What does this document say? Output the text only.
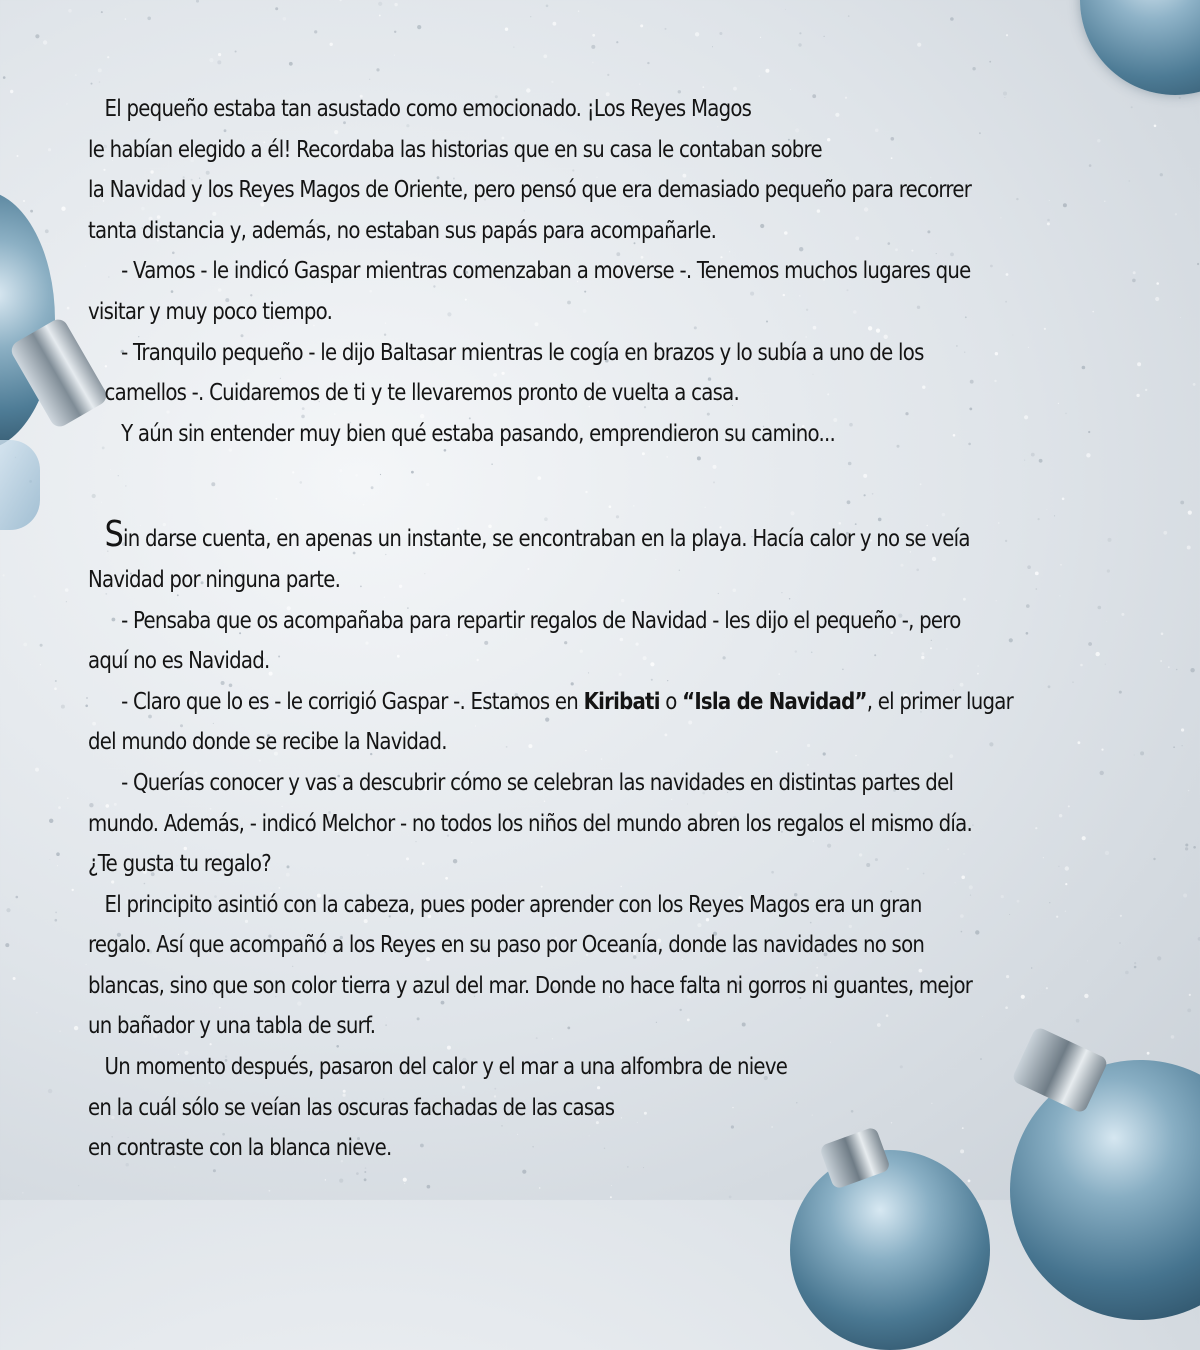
El pequeño estaba tan asustado como emocionado. ¡Los Reyes Magos
le habían elegido a él! Recordaba las historias que en su casa le contaban sobre
la Navidad y los Reyes Magos de Oriente, pero pensó que era demasiado pequeño para recorrer
tanta distancia y, además, no estaban sus papás para acompañarle.
- Vamos - le indicó Gaspar mientras comenzaban a moverse -. Tenemos muchos lugares que
visitar y muy poco tiempo.
- Tranquilo pequeño - le dijo Baltasar mientras le cogía en brazos y lo subía a uno de los
camellos -. Cuidaremos de ti y te llevaremos pronto de vuelta a casa.
Y aún sin entender muy bien qué estaba pasando, emprendieron su camino...
Sin darse cuenta, en apenas un instante, se encontraban en la playa. Hacía calor y no se veía
Navidad por ninguna parte.
- Pensaba que os acompañaba para repartir regalos de Navidad - les dijo el pequeño -, pero
aquí no es Navidad.
- Claro que lo es - le corrigió Gaspar -. Estamos en Kiribati o “Isla de Navidad”, el primer lugar
del mundo donde se recibe la Navidad.
- Querías conocer y vas a descubrir cómo se celebran las navidades en distintas partes del
mundo. Además, - indicó Melchor - no todos los niños del mundo abren los regalos el mismo día.
¿Te gusta tu regalo?
El principito asintió con la cabeza, pues poder aprender con los Reyes Magos era un gran
regalo. Así que acompañó a los Reyes en su paso por Oceanía, donde las navidades no son
blancas, sino que son color tierra y azul del mar. Donde no hace falta ni gorros ni guantes, mejor
un bañador y una tabla de surf.
Un momento después, pasaron del calor y el mar a una alfombra de nieve
en la cuál sólo se veían las oscuras fachadas de las casas
en contraste con la blanca nieve.
